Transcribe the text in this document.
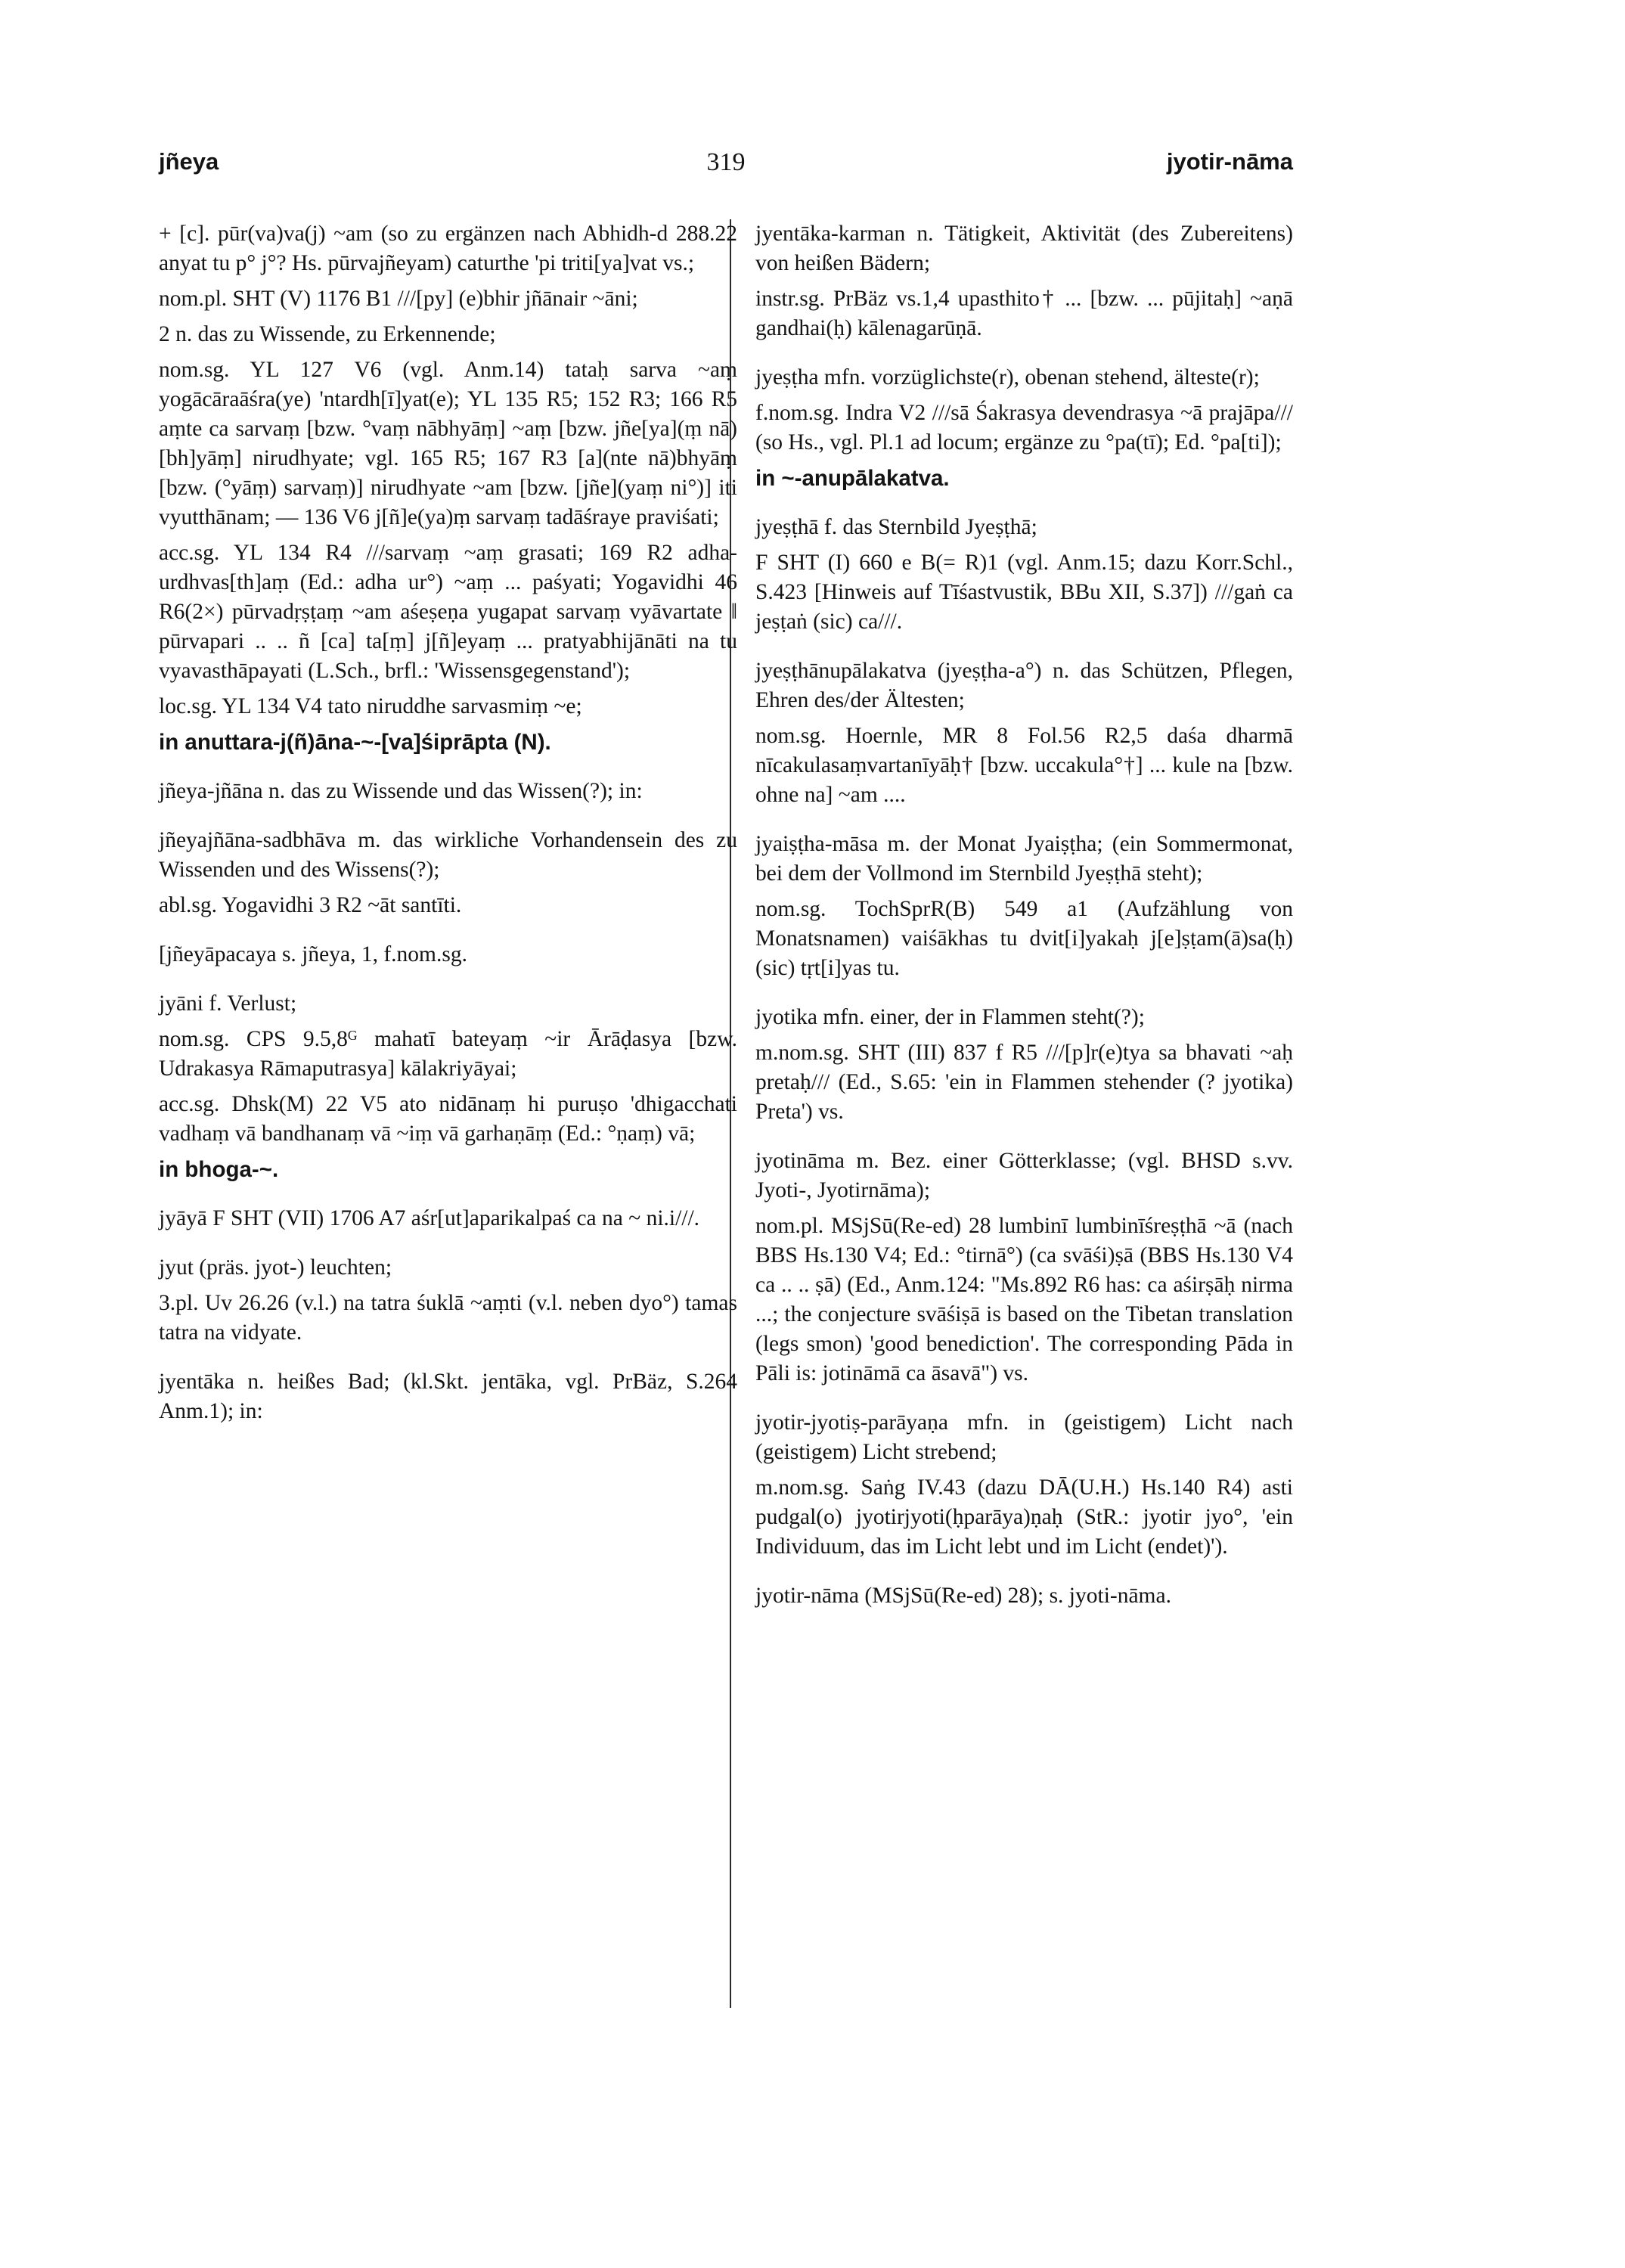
jñeya	319	jyotir-nāma

+ [c]. pūr(va)va(j) ~am (so zu ergänzen nach Abhidh-d 288.22 anyat tu p° j°? Hs. pūrvajñeyam) caturthe 'pi triti[ya]vat vs.;

nom.pl. SHT (V) 1176 B1 ///[py] (e)bhir jñānair ~āni;

2 n. das zu Wissende, zu Erkennende;

nom.sg. YL 127 V6 (vgl. Anm.14) tataḥ sarva ~aṃ yogācāraāśra(ye) 'ntardh[ī]yat(e); YL 135 R5; 152 R3; 166 R5 aṃte ca sarvaṃ [bzw. °vaṃ nābhyāṃ] ~aṃ [bzw. jñe[ya](ṃ nā)[bh]yāṃ] nirudhyate; vgl. 165 R5; 167 R3 [a](nte nā)bhyāṃ [bzw. (°yāṃ) sarvaṃ)] nirudhyate ~am [bzw. [jñe](yaṃ ni°)] iti vyutthānam; — 136 V6 j[ñ]e(ya)ṃ sarvaṃ tadāśraye praviśati;

acc.sg. YL 134 R4 ///sarvaṃ ~aṃ grasati; 169 R2 adha-urdhvas[th]aṃ (Ed.: adha ur°) ~aṃ ... paśyati; Yogavidhi 46 R6(2×) pūrvadṛṣṭaṃ ~am aśeṣeṇa yugapat sarvaṃ vyāvartate ‖ pūrvapari .. .. ñ [ca] ta[ṃ] j[ñ]eyaṃ ... pratyabhijānāti na tu vyavasthāpayati (L.Sch., brfl.: 'Wissensgegenstand');

loc.sg. YL 134 V4 tato niruddhe sarvasmiṃ ~e;

in anuttara-j(ñ)āna-~-[va]śiprāpta (N).

jñeya-jñāna n. das zu Wissende und das Wissen(?); in:

jñeyajñāna-sadbhāva m. das wirkliche Vorhandensein des zu Wissenden und des Wissens(?);

abl.sg. Yogavidhi 3 R2 ~āt santīti.

[jñeyāpacaya s. jñeya, 1, f.nom.sg.

jyāni f. Verlust;

nom.sg. CPS 9.5,8ᴳ mahatī bateyaṃ ~ir Ārāḍasya [bzw. Udrakasya Rāmaputrasya] kālakriyāyai;

acc.sg. Dhsk(M) 22 V5 ato nidānaṃ hi puruṣo 'dhigacchati vadhaṃ vā bandhanaṃ vā ~iṃ vā garhaṇāṃ (Ed.: °ṇaṃ) vā;

in bhoga-~.

jyāyā F SHT (VII) 1706 A7 aśr[ut]aparikalpaś ca na ~ ni.i///.

jyut (präs. jyot-) leuchten;

3.pl. Uv 26.26 (v.l.) na tatra śuklā ~aṃti (v.l. neben dyo°) tamas tatra na vidyate.

jyentāka n. heißes Bad; (kl.Skt. jentāka, vgl. PrBäz, S.264 Anm.1); in:

jyentāka-karman n. Tätigkeit, Aktivität (des Zubereitens) von heißen Bädern;

instr.sg. PrBäz vs.1,4 upasthito† ... [bzw. ... pūjitaḥ] ~aṇā gandhai(ḥ) kālenagarūṇā.

jyeṣṭha mfn. vorzüglichste(r), obenan stehend, älteste(r);

f.nom.sg. Indra V2 ///sā Śakrasya devendrasya ~ā prajāpa/// (so Hs., vgl. Pl.1 ad locum; ergänze zu °pa(tī); Ed. °pa[ti]);

in ~-anupālakatva.

jyeṣṭhā f. das Sternbild Jyeṣṭhā;

F SHT (I) 660 e B(= R)1 (vgl. Anm.15; dazu Korr.Schl., S.423 [Hinweis auf Tīśastvustik, BBu XII, S.37]) ///gaṅ ca jeṣṭaṅ (sic) ca///.

jyeṣṭhānupālakatva (jyeṣṭha-a°) n. das Schützen, Pflegen, Ehren des/der Ältesten;

nom.sg. Hoernle, MR 8 Fol.56 R2,5 daśa dharmā nīcakulasaṃvartanīyāḥ† [bzw. uccakula°†] ... kule na [bzw. ohne na] ~am ....

jyaiṣṭha-māsa m. der Monat Jyaiṣṭha; (ein Sommermonat, bei dem der Vollmond im Sternbild Jyeṣṭhā steht);

nom.sg. TochSprR(B) 549 a1 (Aufzählung von Monatsnamen) vaiśākhas tu dvit[i]yakaḥ j[e]ṣṭam(ā)sa(ḥ) (sic) tṛt[i]yas tu.

jyotika mfn. einer, der in Flammen steht(?);

m.nom.sg. SHT (III) 837 f R5 ///[p]r(e)tya sa bhavati ~aḥ pretaḥ/// (Ed., S.65: 'ein in Flammen stehender (? jyotika) Preta') vs.

jyotināma m. Bez. einer Götterklasse; (vgl. BHSD s.vv. Jyoti-, Jyotirnāma);

nom.pl. MSjSū(Re-ed) 28 lumbinī lumbinīśreṣṭhā ~ā (nach BBS Hs.130 V4; Ed.: °tirnā°) (ca svāśi)ṣā (BBS Hs.130 V4 ca .. .. ṣā) (Ed., Anm.124: "Ms.892 R6 has: ca aśirṣāḥ nirma ...; the conjecture svāśiṣā is based on the Tibetan translation (legs smon) 'good benediction'. The corresponding Pāda in Pāli is: jotināmā ca āsavā") vs.

jyotir-jyotiṣ-parāyaṇa mfn. in (geistigem) Licht nach (geistigem) Licht strebend;

m.nom.sg. Saṅg IV.43 (dazu DĀ(U.H.) Hs.140 R4) asti pudgal(o) jyotirjyoti(ḥparāya)ṇaḥ (StR.: jyotir jyo°, 'ein Individuum, das im Licht lebt und im Licht (endet)').

jyotir-nāma (MSjSū(Re-ed) 28); s. jyoti-nāma.
